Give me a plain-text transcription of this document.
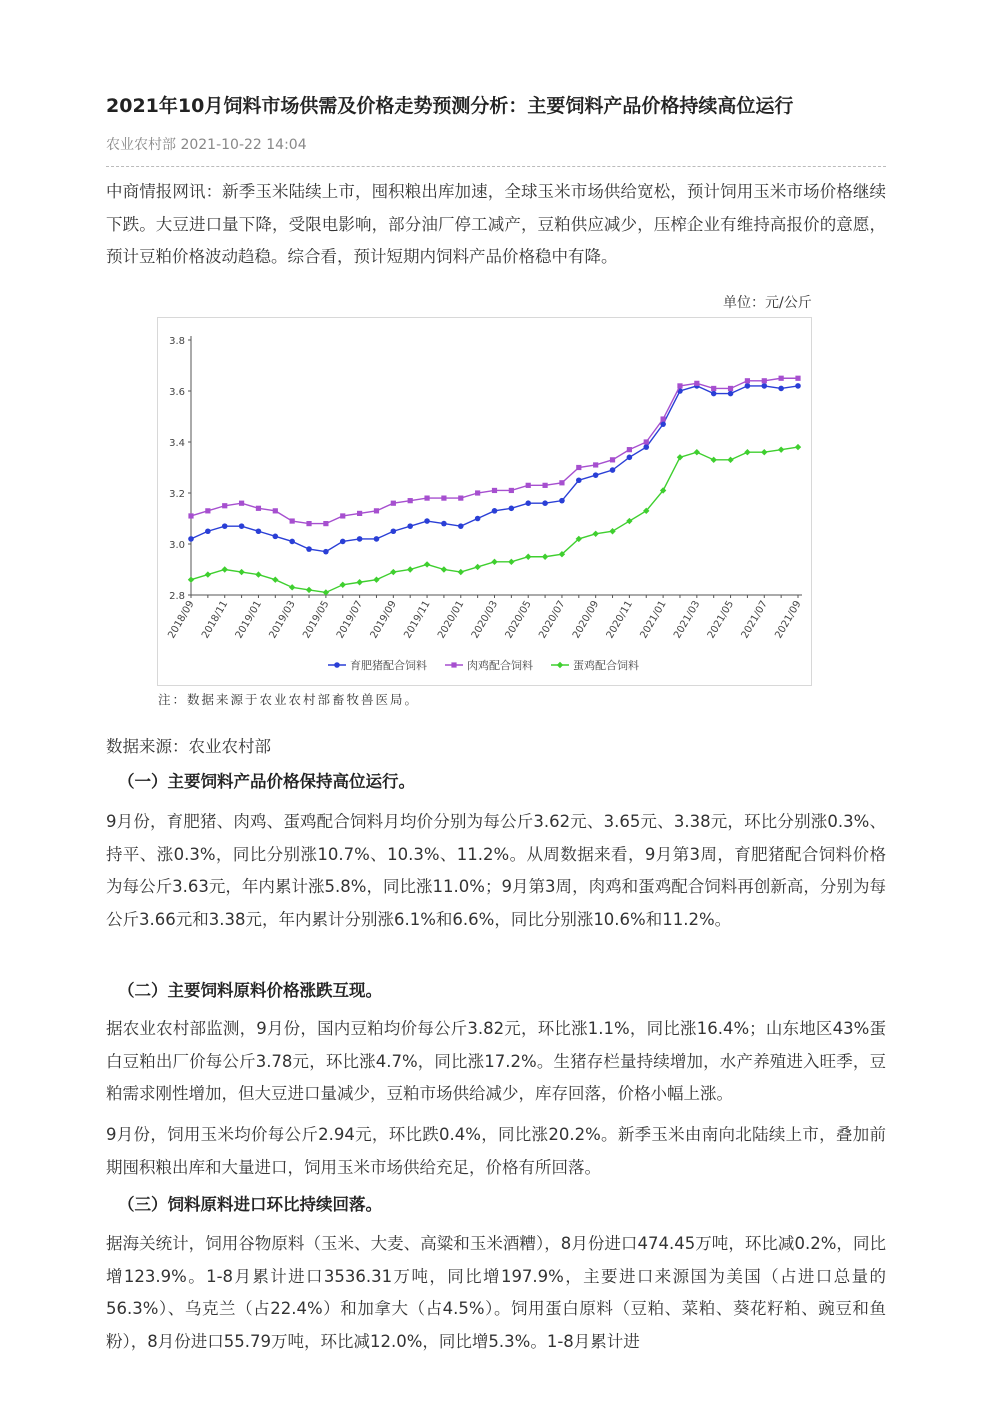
2021年10月饲料市场供需及价格走势预测分析：主要饲料产品价格持续高位运行
农业农村部 2021-10-22 14:04

中商情报网讯：新季玉米陆续上市，囤积粮出库加速，全球玉米市场供给宽松，预计饲用玉米市场价格继续下跌。大豆进口量下降，受限电影响，部分油厂停工减产，豆粕供应减少，压榨企业有维持高报价的意愿，预计豆粕价格波动趋稳。综合看，预计短期内饲料产品价格稳中有降。

单位：元/公斤
2.8
3.0
3.2
3.4
3.6
3.8
2018/09 2018/11 2019/01 2019/03 2019/05 2019/07 2019/09 2019/11 2020/01 2020/03 2020/05 2020/07 2020/09 2020/11 2021/01 2021/03 2021/05 2021/07 2021/09
育肥猪配合饲料	肉鸡配合饲料	蛋鸡配合饲料
注：数据来源于农业农村部畜牧兽医局。
数据来源：农业农村部
（一）主要饲料产品价格保持高位运行。

9月份，育肥猪、肉鸡、蛋鸡配合饲料月均价分别为每公斤3.62元、3.65元、3.38元，环比分别涨0.3%、持平、涨0.3%，同比分别涨10.7%、10.3%、11.2%。从周数据来看，9月第3周，育肥猪配合饲料价格为每公斤3.63元，年内累计涨5.8%，同比涨11.0%；9月第3周，肉鸡和蛋鸡配合饲料再创新高，分别为每公斤3.66元和3.38元，年内累计分别涨6.1%和6.6%，同比分别涨10.6%和11.2%。

（二）主要饲料原料价格涨跌互现。

据农业农村部监测，9月份，国内豆粕均价每公斤3.82元，环比涨1.1%，同比涨16.4%；山东地区43%蛋白豆粕出厂价每公斤3.78元，环比涨4.7%，同比涨17.2%。生猪存栏量持续增加，水产养殖进入旺季，豆粕需求刚性增加，但大豆进口量减少，豆粕市场供给减少，库存回落，价格小幅上涨。

9月份，饲用玉米均价每公斤2.94元，环比跌0.4%，同比涨20.2%。新季玉米由南向北陆续上市，叠加前期囤积粮出库和大量进口，饲用玉米市场供给充足，价格有所回落。

（三）饲料原料进口环比持续回落。

据海关统计，饲用谷物原料（玉米、大麦、高粱和玉米酒糟），8月份进口474.45万吨，环比减0.2%，同比增123.9%。1-8月累计进口3536.31万吨，同比增197.9%，主要进口来源国为美国（占进口总量的56.3%）、乌克兰（占22.4%）和加拿大（占4.5%）。饲用蛋白原料（豆粕、菜粕、葵花籽粕、豌豆和鱼粉），8月份进口55.79万吨，环比减12.0%，同比增5.3%。1-8月累计进
